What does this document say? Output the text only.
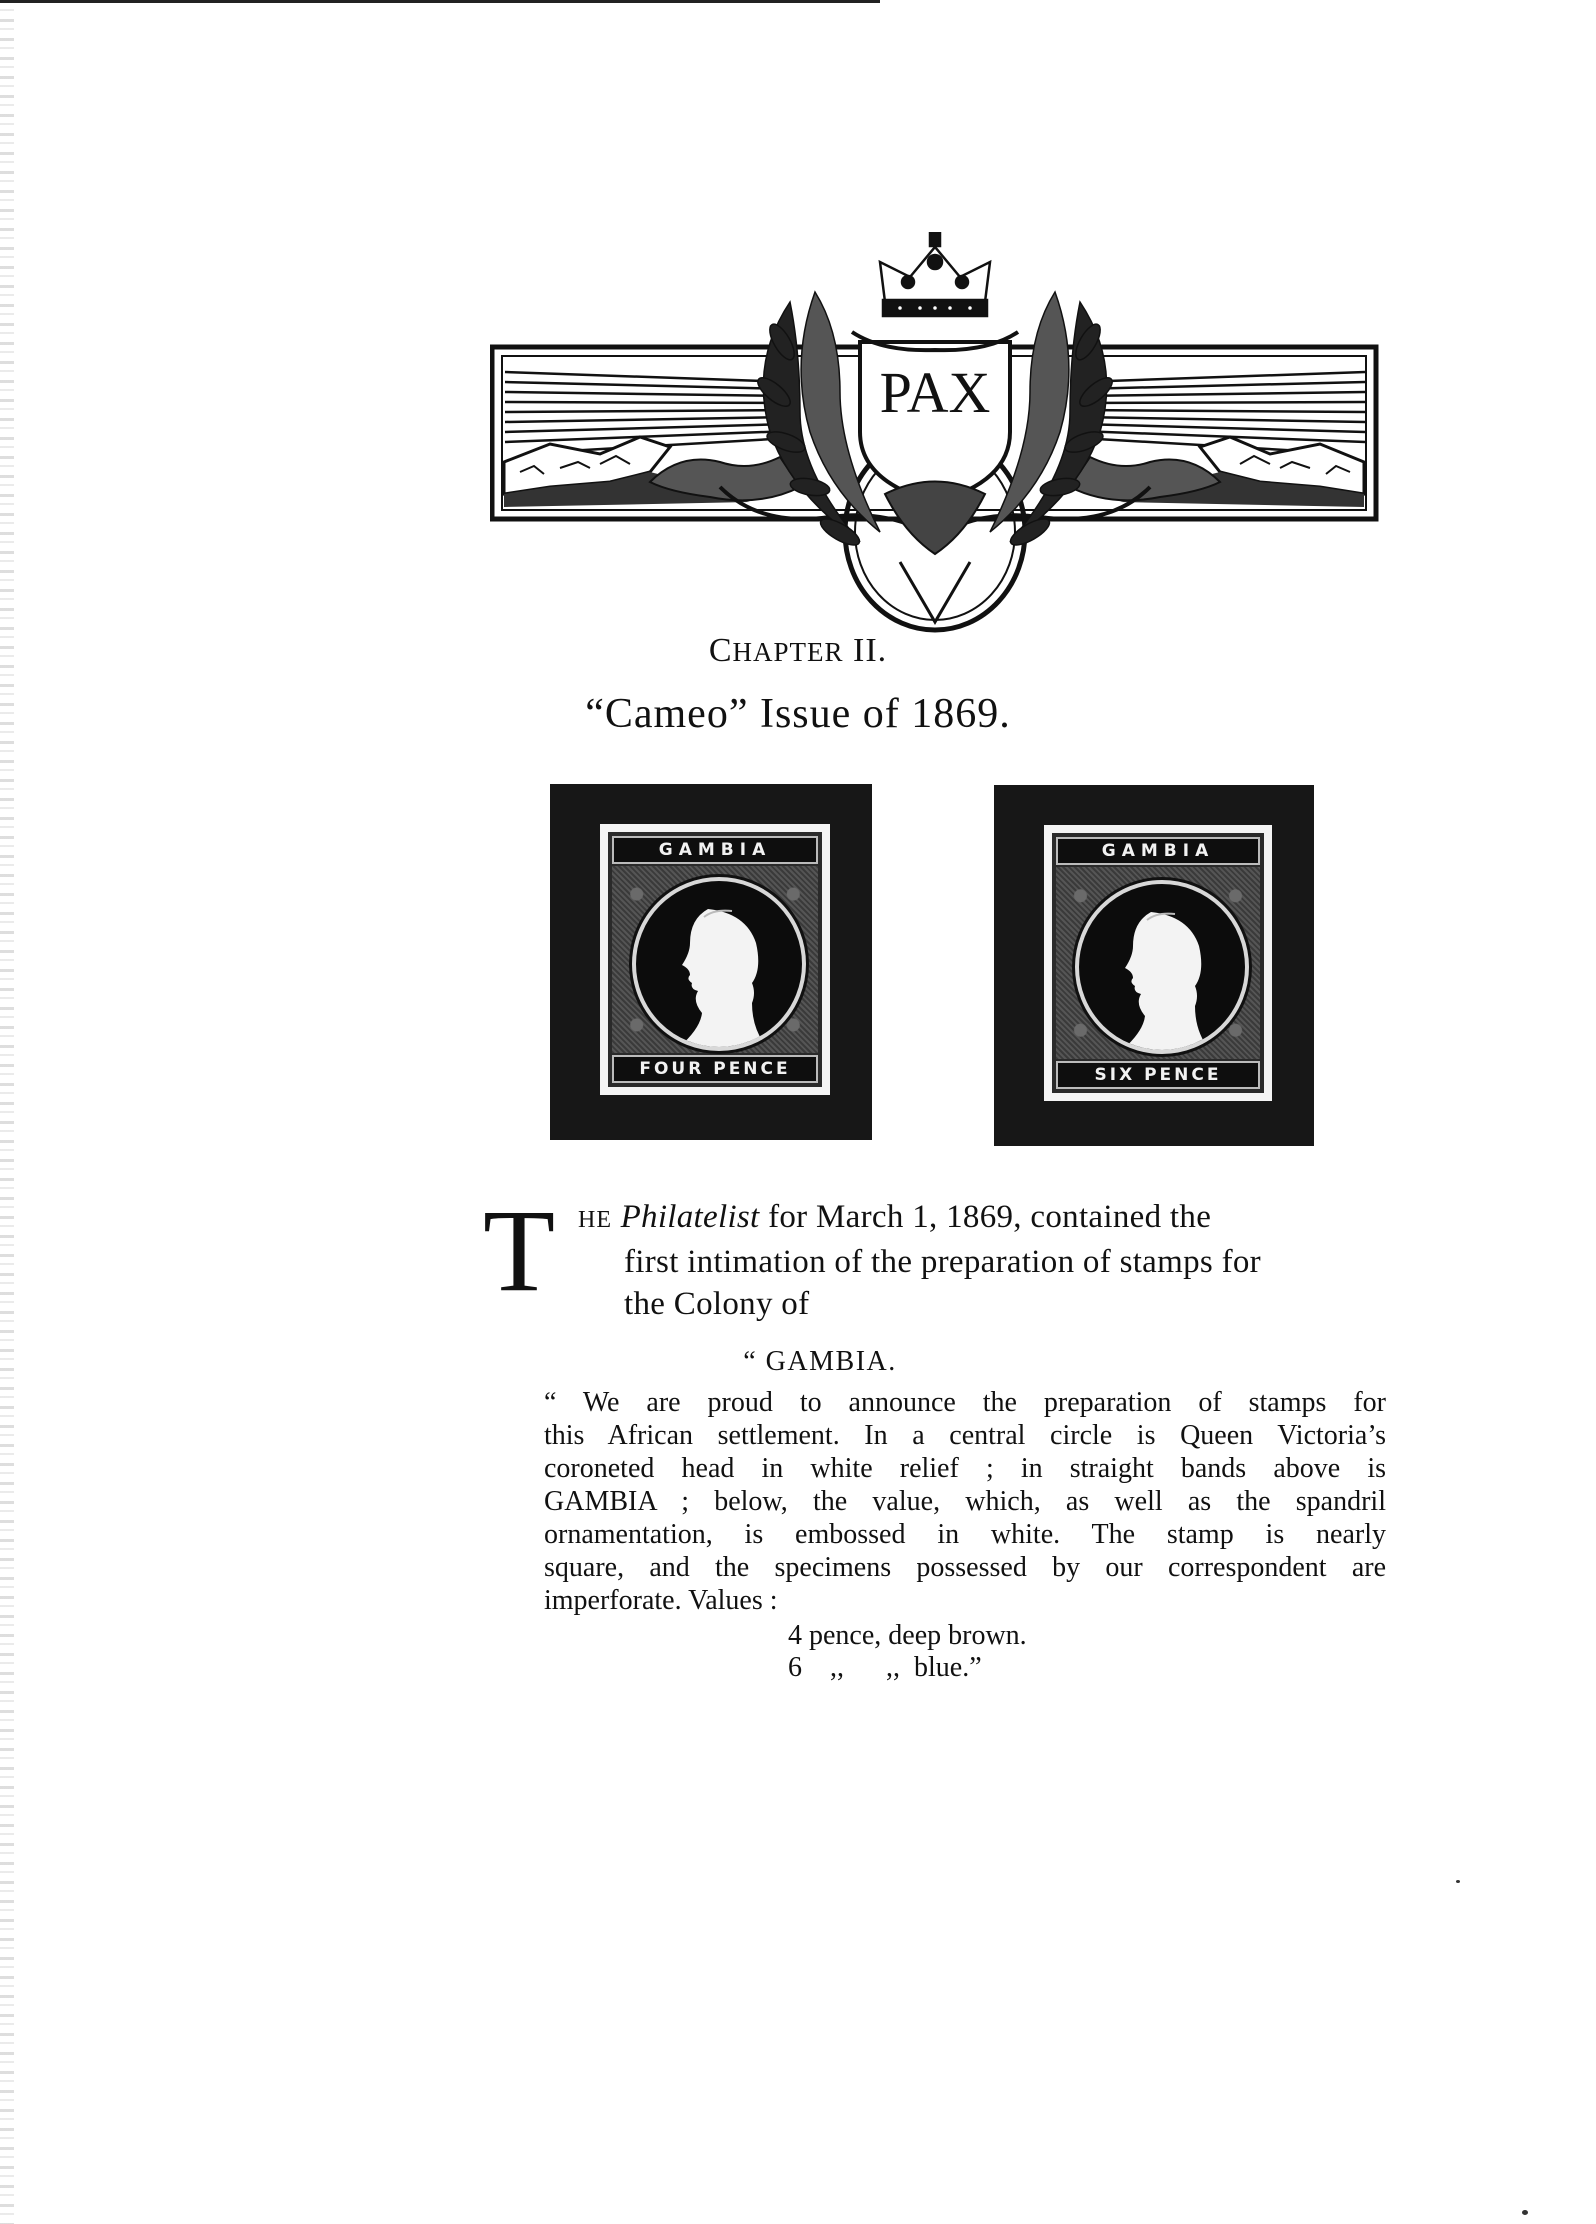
PAX
CHAPTER II.
“Cameo” Issue of 1869.
GAMBIA
FOUR PENCE
GAMBIA
SIX PENCE
T HE Philatelist for March 1, 1869, contained the
first intimation of the preparation of stamps for
the Colony of
“ GAMBIA.
“ We are proud to announce the preparation of stamps for
this African settlement. In a central circle is Queen Victoria’s
coroneted head in white relief ; in straight bands above is
GAMBIA ; below, the value, which, as well as the spandril
ornamentation, is embossed in white. The stamp is nearly
square, and the specimens possessed by our correspondent are
imperforate. Values :
4 pence, deep brown.
6    ,,      ,,  blue.”
